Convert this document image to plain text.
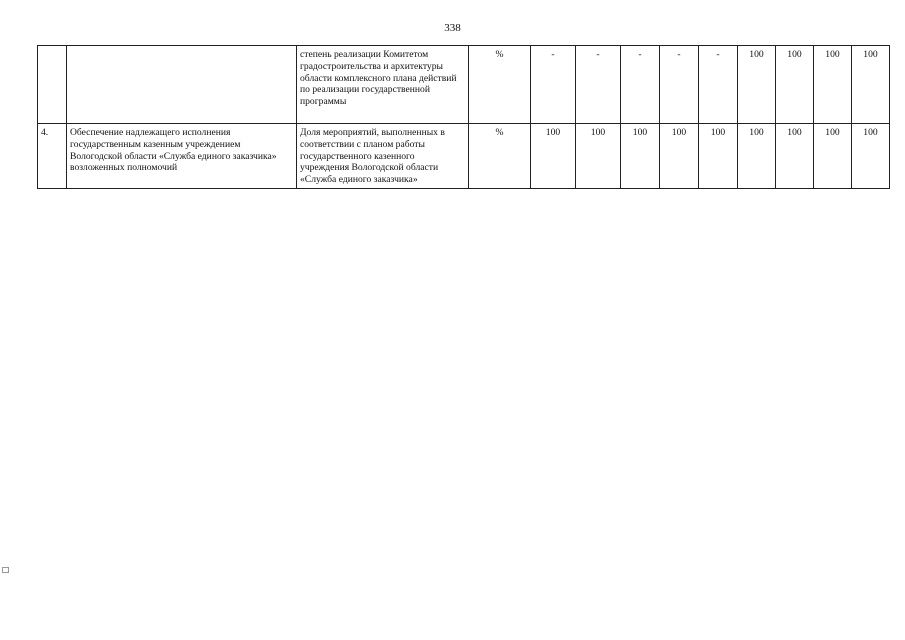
338
		степень реализации Комитетом градостроительства и архитектуры области комплексного плана действий по реализации государственной программы	%	-	-	-	-	-	100	100	100	100
4.	Обеспечение надлежащего исполнения государственным казенным учреждением Вологодской области «Служба единого заказчика» возложенных полномочий	Доля мероприятий, выполненных в соответствии с планом работы государственного казенного учреждения Вологодской области «Служба единого заказчика»	%	100	100	100	100	100	100	100	100	100
